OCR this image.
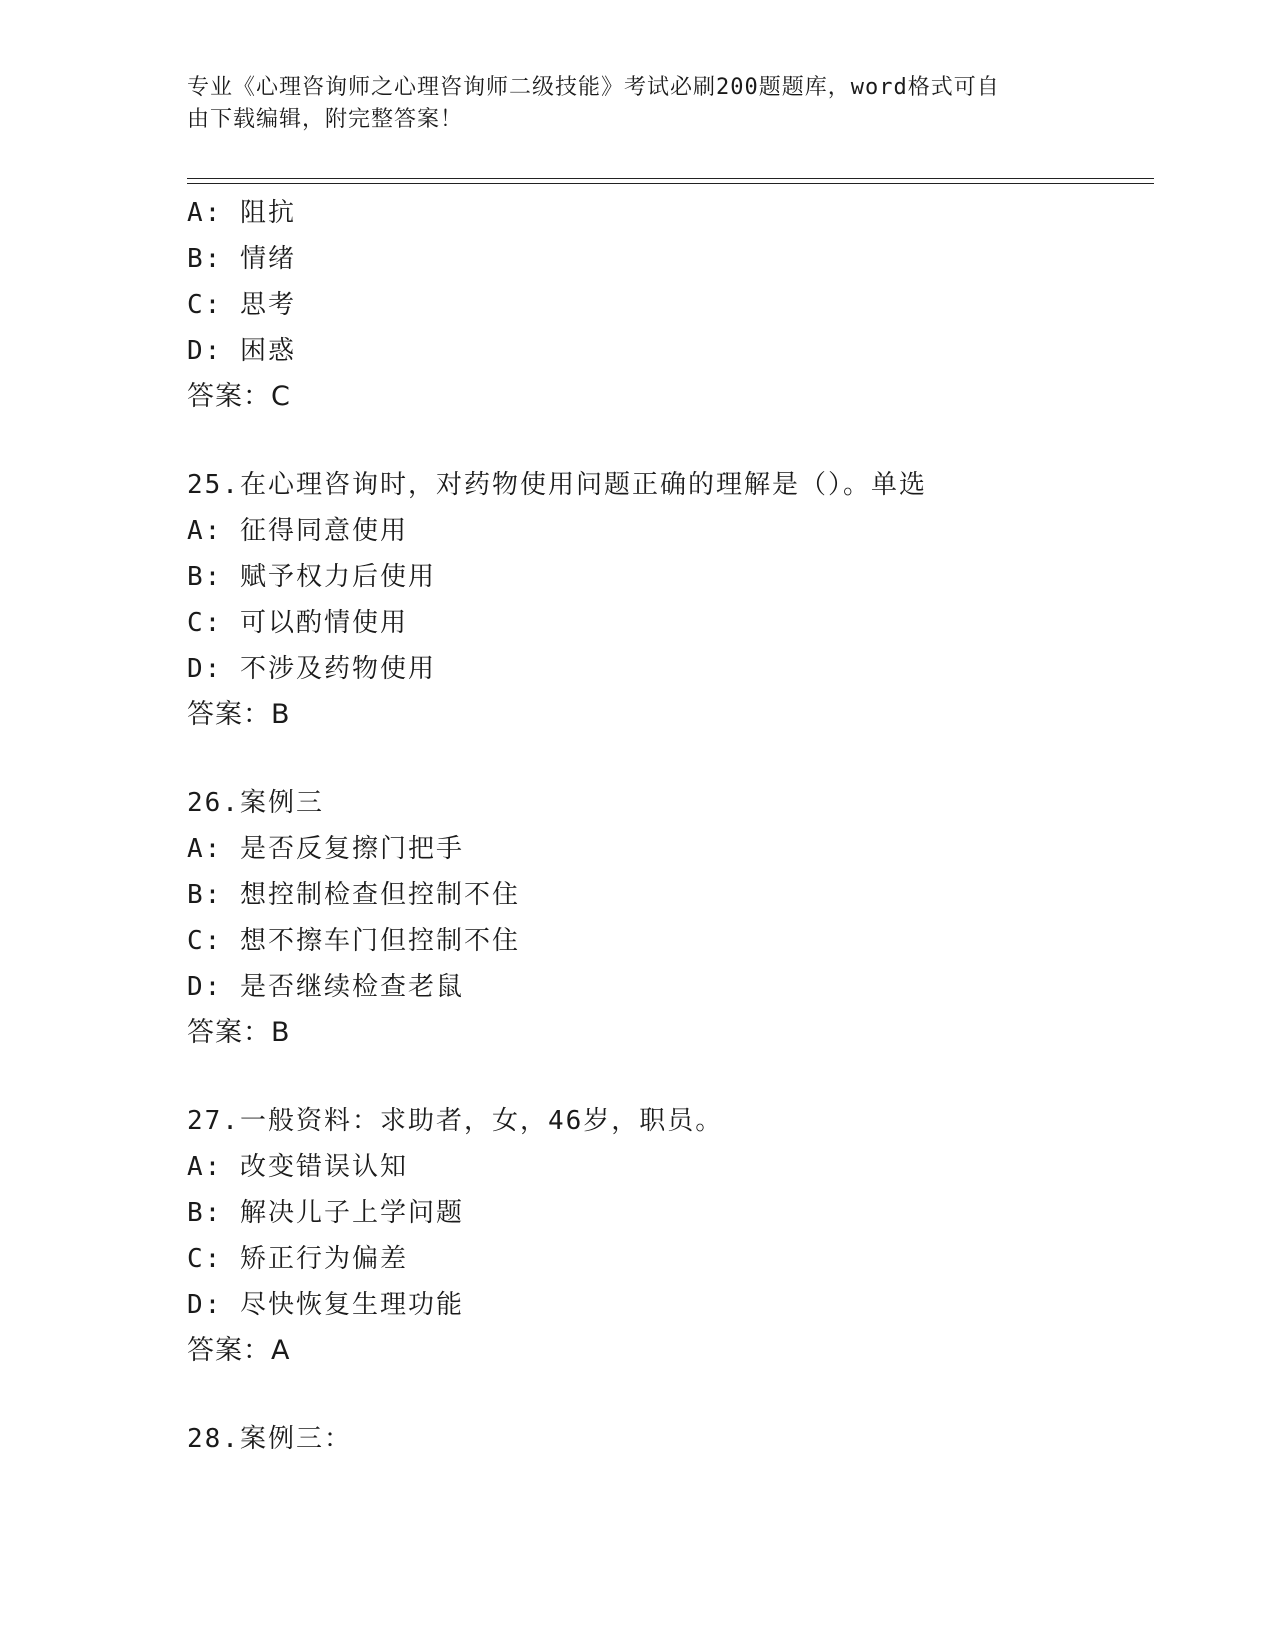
专业《心理咨询师之心理咨询师二级技能》考试必刷200题题库，word格式可自
由下载编辑，附完整答案！
A: 阻抗
B: 情绪
C: 思考
D: 困惑
答案：C
25.在心理咨询时，对药物使用问题正确的理解是（）。单选
A: 征得同意使用
B: 赋予权力后使用
C: 可以酌情使用
D: 不涉及药物使用
答案：B
26.案例三
A: 是否反复擦门把手
B: 想控制检查但控制不住
C: 想不擦车门但控制不住
D: 是否继续检查老鼠
答案：B
27.一般资料：求助者，女，46岁，职员。
A: 改变错误认知
B: 解决儿子上学问题
C: 矫正行为偏差
D: 尽快恢复生理功能
答案：A
28.案例三：
